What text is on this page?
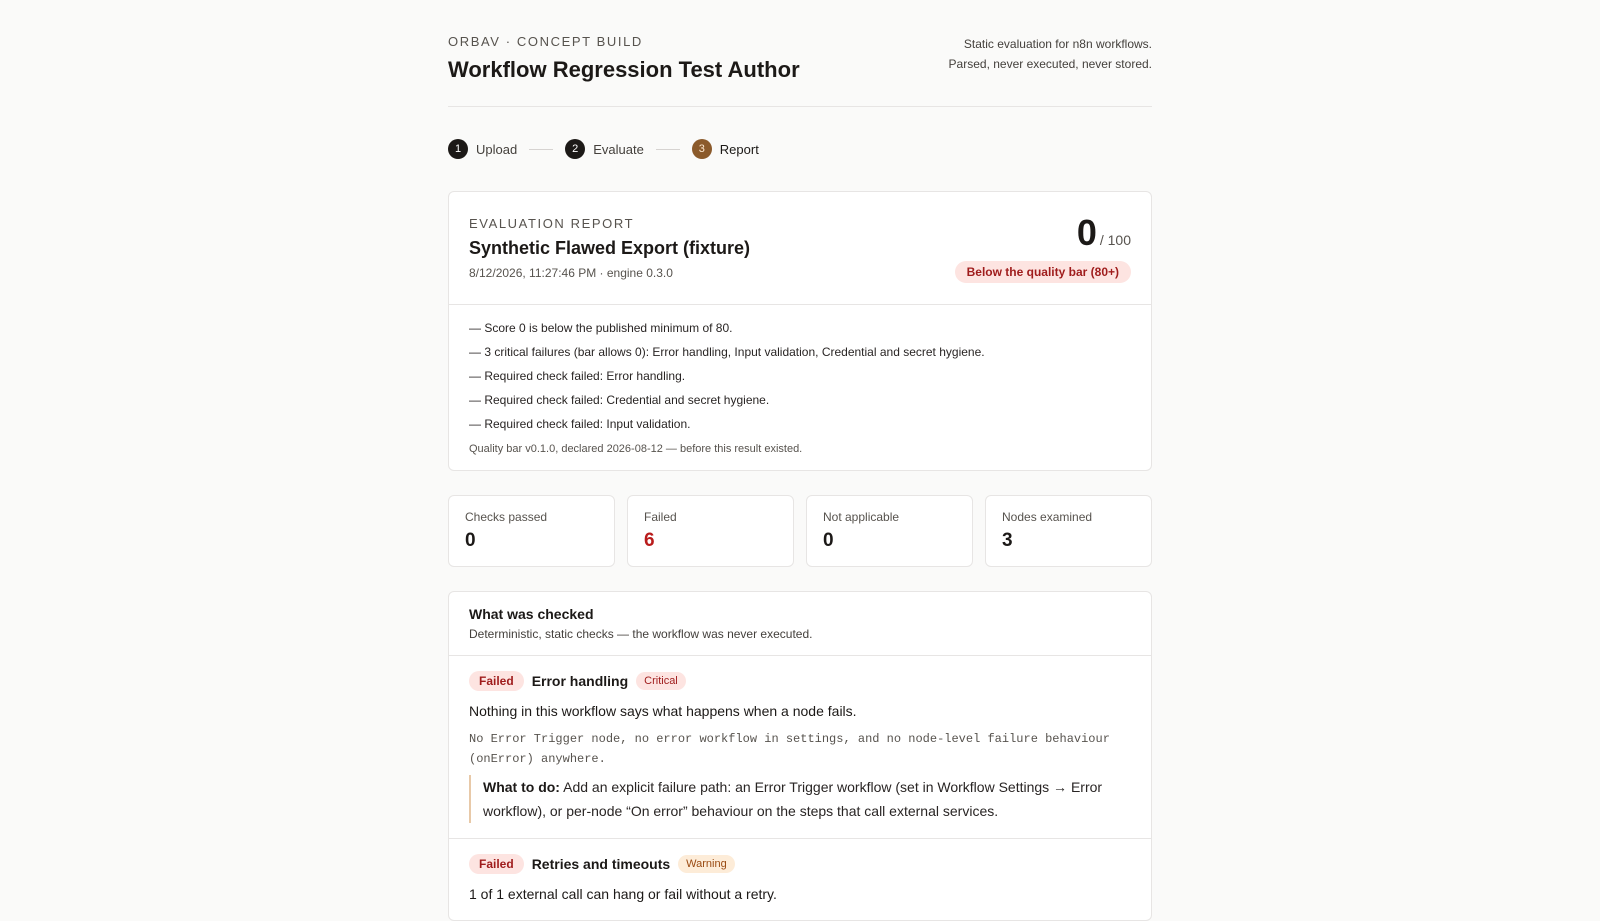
ORBAV · CONCEPT BUILD
Workflow Regression Test Author
Static evaluation for n8n workflows.
Parsed, never executed, never stored.
1	Upload	2	Evaluate	3	Report
EVALUATION REPORT
Synthetic Flawed Export (fixture)
8/12/2026, 11:27:46 PM · engine 0.3.0
0 / 100
Below the quality bar (80+)
— Score 0 is below the published minimum of 80.
— 3 critical failures (bar allows 0): Error handling, Input validation, Credential and secret hygiene.
— Required check failed: Error handling.
— Required check failed: Credential and secret hygiene.
— Required check failed: Input validation.
Quality bar v0.1.0, declared 2026-08-12 — before this result existed.
Checks passed
0
Failed
6
Not applicable
0
Nodes examined
3
What was checked
Deterministic, static checks — the workflow was never executed.
Failed	Error handling	Critical

Nothing in this workflow says what happens when a node fails.

No Error Trigger node, no error workflow in settings, and no node-level failure behaviour (onError) anywhere.

What to do: Add an explicit failure path: an Error Trigger workflow (set in Workflow Settings → Error workflow), or per-node “On error” behaviour on the steps that call external services.
Failed	Retries and timeouts	Warning

1 of 1 external call can hang or fail without a retry.
